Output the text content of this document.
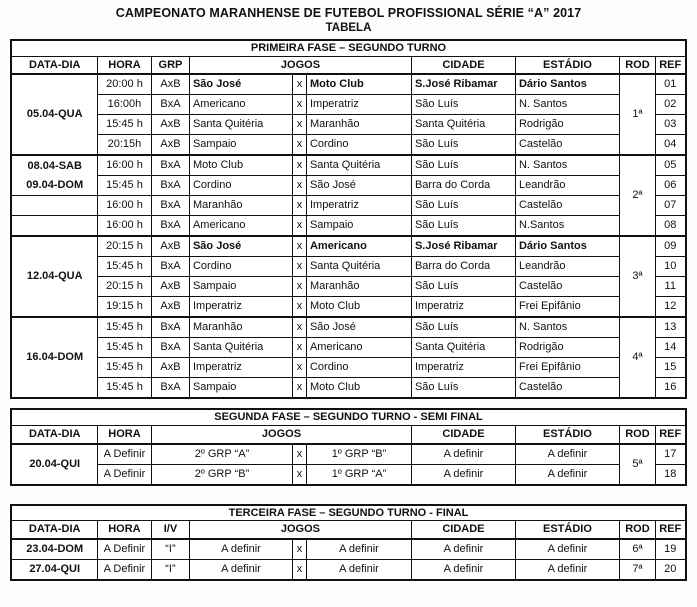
CAMPEONATO MARANHENSE DE FUTEBOL PROFISSIONAL SÉRIE “A” 2017
TABELA
PRIMEIRA FASE – SEGUNDO TURNO									
DATA-DIA	HORA	GRP	JOGOS			CIDADE	ESTÁDIO	ROD	REF
05.04-QUA	20:00 h	AxB	São José	x	Moto Club	S.José Ribamar	Dário Santos	1ª	01
	16:00h	BxA	Americano	x	Imperatriz	São Luís	N. Santos		02
	15:45 h	AxB	Santa Quitéria	x	Maranhão	Santa Quitéria	Rodrigão		03
	20:15h	AxB	Sampaio	x	Cordino	São Luís	Castelão		04
08.04-SAB	16:00 h	BxA	Moto Club	x	Santa Quitéria	São Luís	N. Santos	2ª	05
09.04-DOM	15:45 h	BxA	Cordino	x	São José	Barra do Corda	Leandrão		06
	16:00 h	BxA	Maranhão	x	Imperatriz	São Luís	Castelão		07
	16:00 h	BxA	Americano	x	Sampaio	São Luís	N.Santos		08
12.04-QUA	20:15 h	AxB	São José	x	Americano	S.José Ribamar	Dário Santos	3ª	09
	15:45 h	BxA	Cordino	x	Santa Quitéria	Barra do Corda	Leandrão		10
	20:15 h	AxB	Sampaio	x	Maranhão	São Luís	Castelão		11
	19:15 h	AxB	Imperatriz	x	Moto Club	Imperatriz	Frei Epifânio		12
16.04-DOM	15:45 h	BxA	Maranhão	x	São José	São Luís	N. Santos	4ª	13
	15:45 h	BxA	Santa Quitéria	x	Americano	Santa Quitéria	Rodrigão		14
	15:45 h	AxB	Imperatriz	x	Cordino	Imperatriz	Frei Epifânio		15
	15:45 h	BxA	Sampaio	x	Moto Club	São Luís	Castelão		16
SEGUNDA FASE – SEGUNDO TURNO - SEMI FINAL								
DATA-DIA	HORA	JOGOS			CIDADE	ESTÁDIO	ROD	REF
20.04-QUI	A Definir	2º GRP “A”	x	1º GRP “B”	A definir	A definir	5ª	17
	A Definir	2º GRP “B”	x	1º GRP “A”	A definir	A definir		18
TERCEIRA FASE – SEGUNDO TURNO - FINAL									
DATA-DIA	HORA	I/V	JOGOS			CIDADE	ESTÁDIO	ROD	REF
23.04-DOM	A Definir	“I”	A definir	x	A definir	A definir	A definir	6ª	19
27.04-QUI	A Definir	“I”	A definir	x	A definir	A definir	A definir	7ª	20
